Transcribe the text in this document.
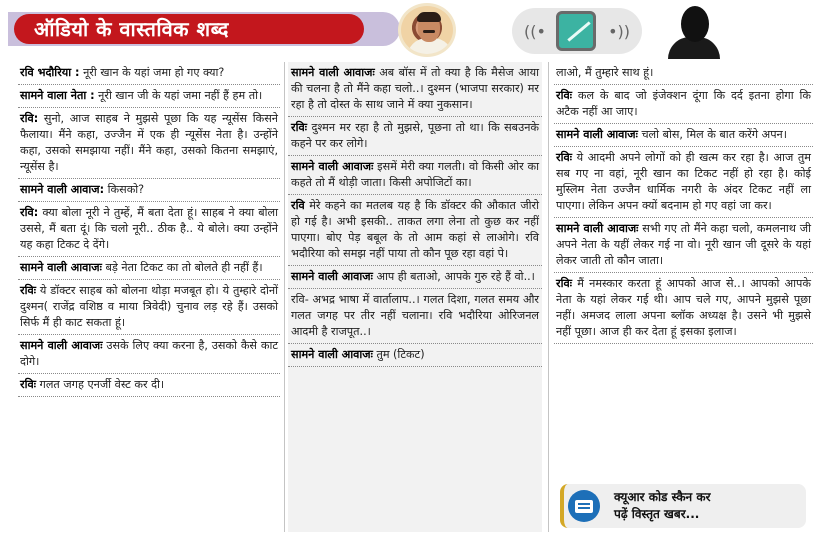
ऑडियो के वास्तविक शब्द	((•	•))
रवि भदौरिया : नूरी खान के यहां जमा हो गए क्या?
सामने वाला नेता : नूरी खान जी के यहां जमा नहीं हैं हम तो।
रवि: सुनो, आज साहब ने मुझसे पूछा कि यह न्यूसेंस किसने फैलाया। मैंने कहा, उज्जैन में एक ही न्यूसेंस नेता है। उन्होंने कहा, उसको समझाया नहीं। मैंने कहा, उसको कितना समझाएं, न्यूसेंस है।
सामने वाली आवाज: किसको?
रवि: क्या बोला नूरी ने तुम्हें, मैं बता देता हूं। साहब ने क्या बोला उससे, मैं बता दूं। कि चलो नूरी.. ठीक है.. ये बोले। क्या उन्होंने यह कहा टिकट दे देंगे।
सामने वाली आवाजः बड़े नेता टिकट का तो बोलते ही नहीं हैं।
रविः ये डॉक्टर साहब को बोलना थोड़ा मजबूत हो। ये तुम्हारे दोनों दुश्मन( राजेंद्र वशिष्ठ व माया त्रिवेदी) चुनाव लड़ रहे हैं। उसको सिर्फ मैं ही काट सकता हूं।
सामने वाली आवाजः उसके लिए क्या करना है, उसको कैसे काट दोगे।
रविः गलत जगह एनर्जी वेस्ट कर दी।
सामने वाली आवाजः अब बॉस में तो क्या है कि मैसेज आया की चलना है तो मैंने कहा चलो..। दुश्मन (भाजपा सरकार) मर रहा है तो दोस्त के साथ जाने में क्या नुकसान।
रविः दुश्मन मर रहा है तो मुझसे, पूछना तो था। कि सबउनके कहने पर कर लोगे।
सामने वाली आवाजः इसमें मेरी क्या गलती। वो किसी ओर का कहते तो मैं थोड़ी जाता। किसी अपोजिटों का।
रवि मेरे कहने का मतलब यह है कि डॉक्टर की औकात जीरो हो गई है। अभी इसकी.. ताकत लगा लेना तो कुछ कर नहीं पाएगा। बोए पेड़ बबूल के तो आम कहां से लाओगे। रवि भदौरिया को समझ नहीं पाया तो कौन पूछ रहा वहां पे।
सामने वाली आवाजः आप ही बताओ, आपके गुरु रहे हैं वो..।
रवि- अभद्र भाषा में वार्तालाप..। गलत दिशा, गलत समय और गलत जगह पर तीर नहीं चलाना। रवि भदौरिया ओरिजनल आदमी है राजपूत..।
सामने वाली आवाजः तुम (टिकट)
लाओ, मैं तुम्हारे साथ हूं।
रविः कल के बाद जो इंजेक्शन दूंगा कि दर्द इतना होगा कि अटैक नहीं आ जाए।
सामने वाली आवाजः चलो बोस, मिल के बात करेंगे अपन।
रविः ये आदमी अपने लोगों को ही खत्म कर रहा है। आज तुम सब गए ना वहां, नूरी खान का टिकट नहीं हो रहा है। कोई मुस्लिम नेता उज्जैन धार्मिक नगरी के अंदर टिकट नहीं ला पाएगा। लेकिन अपन क्यों बदनाम हो गए वहां जा कर।
सामने वाली आवाजः सभी गए तो मैंने कहा चलो, कमलनाथ जी अपने नेता के यहीं लेकर गई ना वो। नूरी खान जी दूसरे के यहां लेकर जाती तो कौन जाता।
रविः मैं नमस्कार करता हूं आपको आज से..। आपको आपके नेता के यहां लेकर गई थी। आप चले गए, आपने मुझसे पूछा नहीं। अमजद लाला अपना ब्लॉक अध्यक्ष है। उसने भी मुझसे नहीं पूछा। आज ही कर देता हूं इसका इलाज।
क्यूआर कोड स्कैन कर
पढ़ें विस्तृत खबर...
